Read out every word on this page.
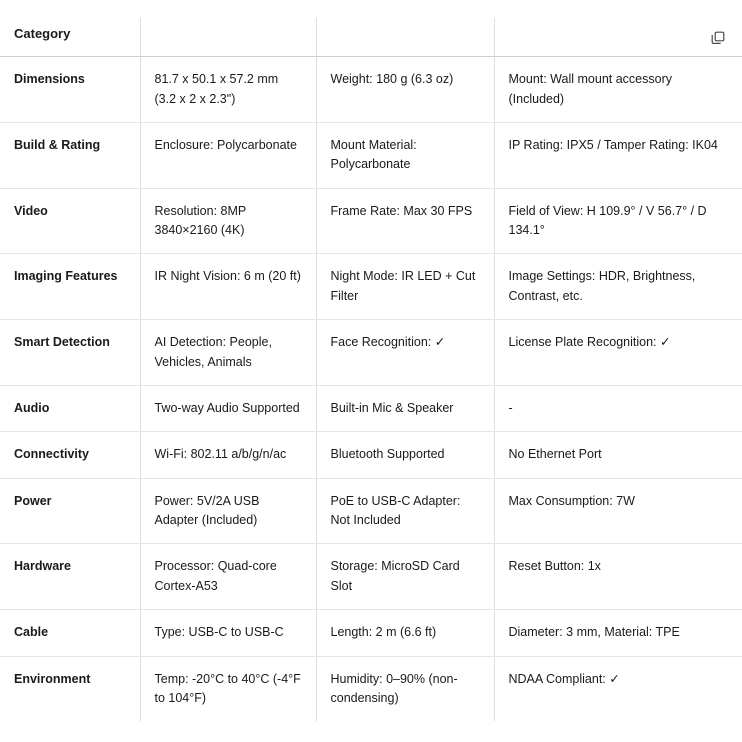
Category			
Dimensions	81.7 x 50.1 x 57.2 mm (3.2 x 2 x 2.3")	Weight: 180 g (6.3 oz)	Mount: Wall mount accessory (Included)
Build & Rating	Enclosure: Polycarbonate	Mount Material: Polycarbonate	IP Rating: IPX5 / Tamper Rating: IK04
Video	Resolution: 8MP 3840×2160 (4K)	Frame Rate: Max 30 FPS	Field of View: H 109.9° / V 56.7° / D 134.1°
Imaging Features	IR Night Vision: 6 m (20 ft)	Night Mode: IR LED + Cut Filter	Image Settings: HDR, Brightness, Contrast, etc.
Smart Detection	AI Detection: People, Vehicles, Animals	Face Recognition: ✓	License Plate Recognition: ✓
Audio	Two-way Audio Supported	Built-in Mic & Speaker	-
Connectivity	Wi-Fi: 802.11 a/b/g/n/ac	Bluetooth Supported	No Ethernet Port
Power	Power: 5V/2A USB Adapter (Included)	PoE to USB-C Adapter: Not Included	Max Consumption: 7W
Hardware	Processor: Quad-core Cortex-A53	Storage: MicroSD Card Slot	Reset Button: 1x
Cable	Type: USB-C to USB-C	Length: 2 m (6.6 ft)	Diameter: 3 mm, Material: TPE
Environment	Temp: -20°C to 40°C (-4°F to 104°F)	Humidity: 0–90% (non-condensing)	NDAA Compliant: ✓
